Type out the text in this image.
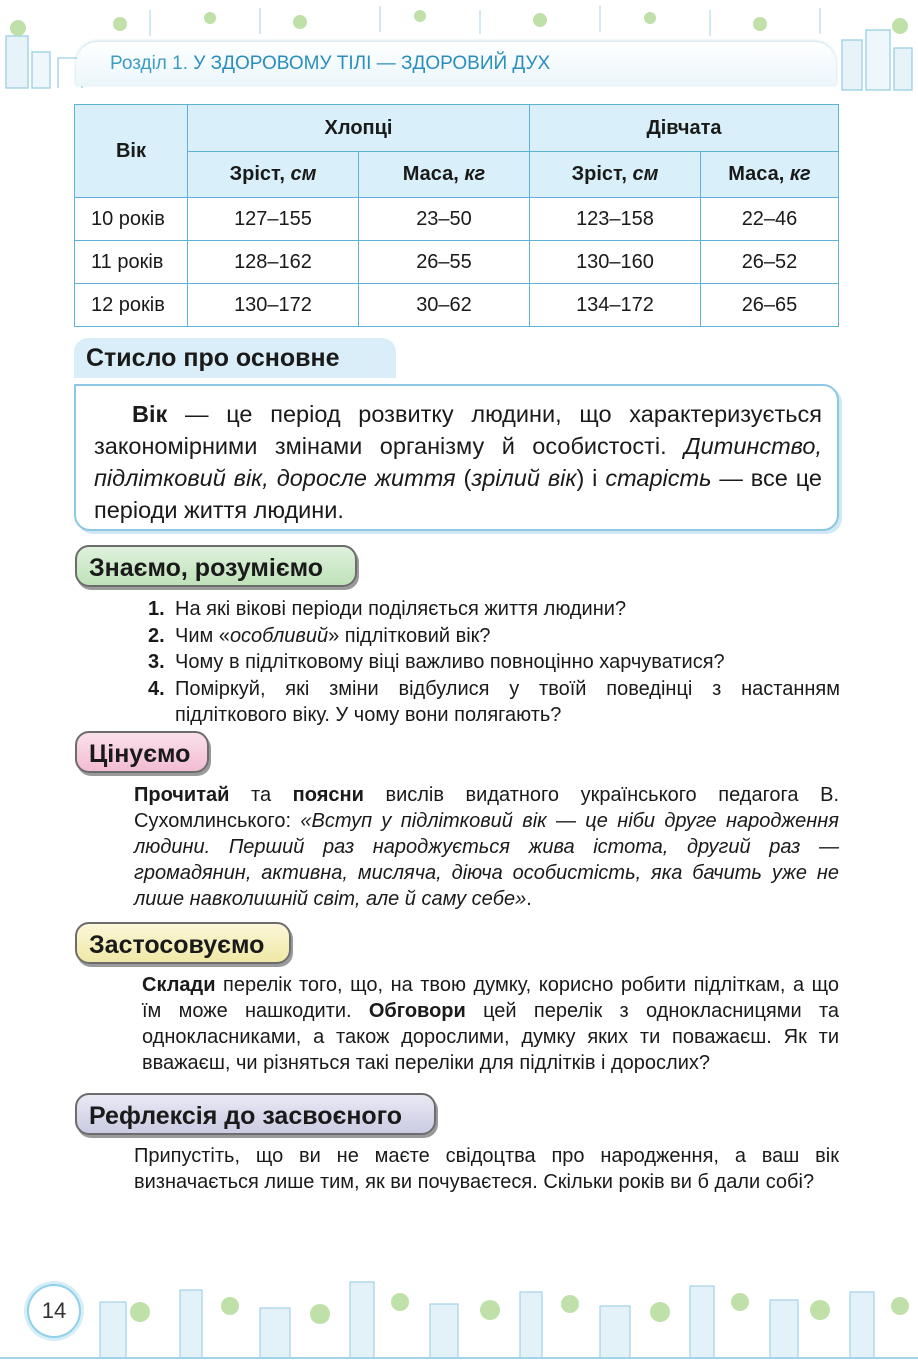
Розділ 1. У ЗДОРОВОМУ ТІЛІ — ЗДОРОВИЙ ДУХ
Вік	Хлопці		Дівчата	
	Зріст, см	Маса, кг	Зріст, см	Маса, кг
10 років	127–155	23–50	123–158	22–46
11 років	128–162	26–55	130–160	26–52
12 років	130–172	30–62	134–172	26–65
Стисло про основне

Вік — це період розвитку людини, що характеризується закономірними змінами організму й особистості. Дитинство, підлітковий вік, доросле життя (зрілий вік) і старість — все це періоди життя людини.

Знаємо, розуміємо
1. На які вікові періоди поділяється життя людини?
2. Чим «особливий» підлітковий вік?
3. Чому в підлітковому віці важливо повноцінно харчуватися?
4. Поміркуй, які зміни відбулися у твоїй поведінці з настанням підліткового віку. У чому вони полягають?
Цінуємо

Прочитай та поясни вислів видатного українського педагога В. Сухомлинського: «Вступ у підлітковий вік — це ніби друге народження людини. Перший раз народжується жива істота, другий раз — громадянин, активна, мисляча, діюча особистість, яка бачить уже не лише навколишній світ, але й саму себе».

Застосовуємо

Склади перелік того, що, на твою думку, корисно робити підліткам, а що їм може нашкодити. Обговори цей перелік з однокласницями та однокласниками, а також дорослими, думку яких ти поважаєш. Як ти вважаєш, чи різняться такі переліки для підлітків і дорослих?

Рефлексія до засвоєного

Припустіть, що ви не маєте свідоцтва про народження, а ваш вік визначається лише тим, як ви почуваєтеся. Скільки років ви б дали собі?

14
